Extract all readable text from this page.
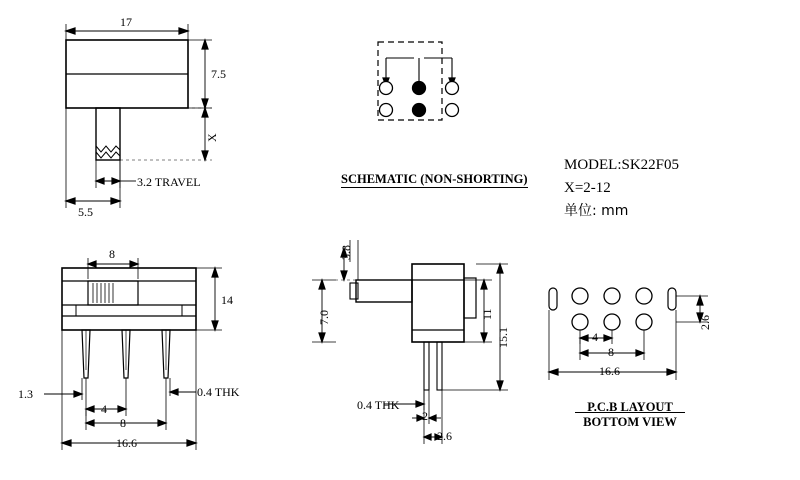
17
7.5
X
3.2 TRAVEL
5.5
SCHEMATIC (NON-SHORTING)
MODEL:SK22F05
X=2-12
单位: mm
8
14
1.3
4
0.4 THK
8
16.6
3.8
7.0	11
15.1
0.4 THK
2
2.6
4
8
16.6
2.6
P.C.B LAYOUT
BOTTOM VIEW
